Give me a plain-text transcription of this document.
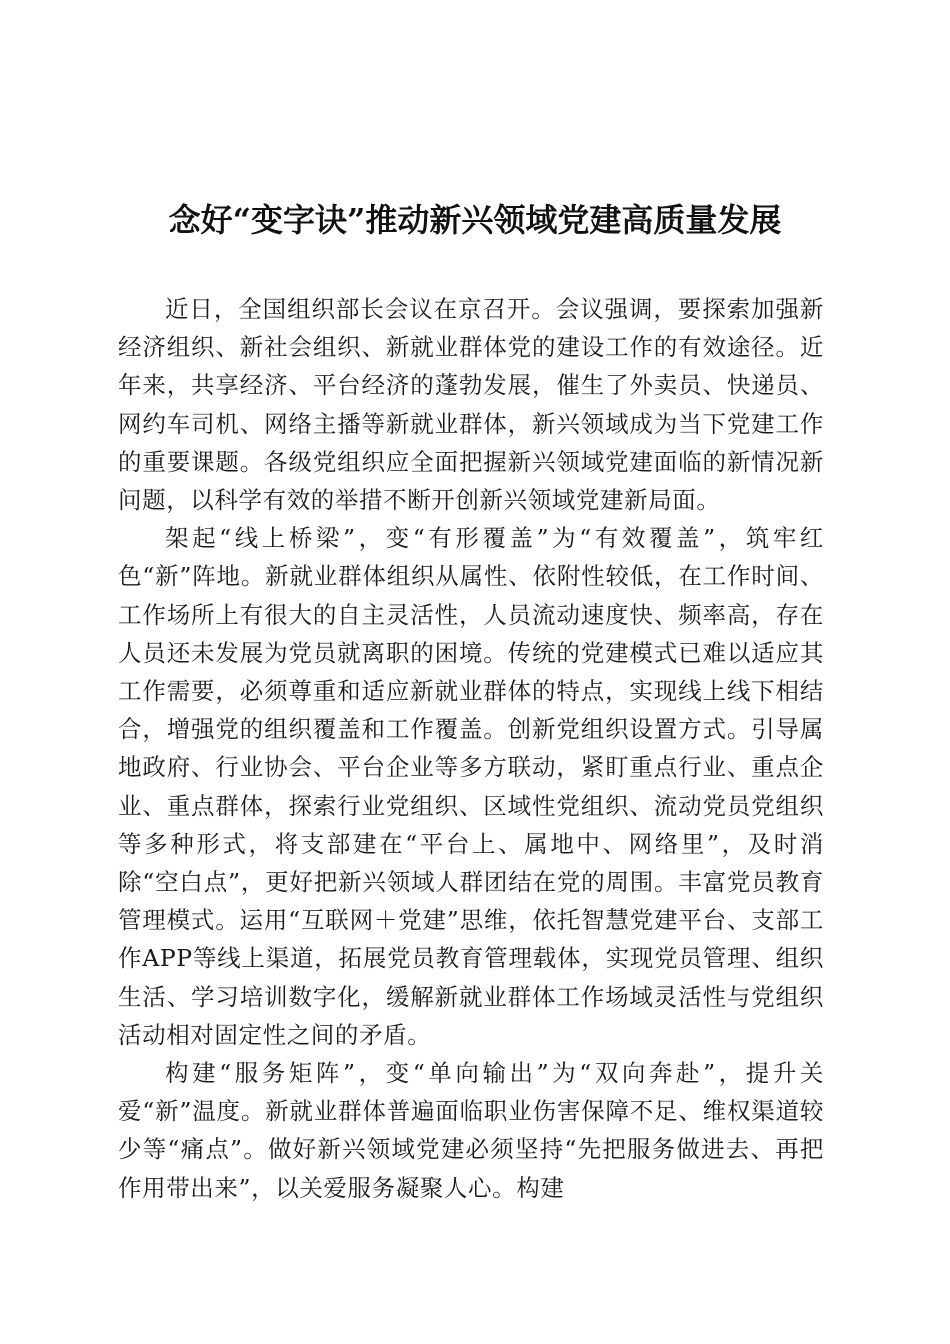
念好“变字诀”推动新兴领域党建高质量发展

近日，全国组织部长会议在京召开。会议强调，要探索加强新经济组织、新社会组织、新就业群体党的建设工作的有效途径。近年来，共享经济、平台经济的蓬勃发展，催生了外卖员、快递员、网约车司机、网络主播等新就业群体，新兴领域成为当下党建工作的重要课题。各级党组织应全面把握新兴领域党建面临的新情况新问题，以科学有效的举措不断开创新兴领域党建新局面。

架起“线上桥梁”，变“有形覆盖”为“有效覆盖”，筑牢红色“新”阵地。新就业群体组织从属性、依附性较低，在工作时间、工作场所上有很大的自主灵活性，人员流动速度快、频率高，存在人员还未发展为党员就离职的困境。传统的党建模式已难以适应其工作需要，必须尊重和适应新就业群体的特点，实现线上线下相结合，增强党的组织覆盖和工作覆盖。创新党组织设置方式。引导属地政府、行业协会、平台企业等多方联动，紧盯重点行业、重点企业、重点群体，探索行业党组织、区域性党组织、流动党员党组织等多种形式，将支部建在“平台上、属地中、网络里”，及时消除“空白点”，更好把新兴领域人群团结在党的周围。丰富党员教育管理模式。运用“互联网＋党建”思维，依托智慧党建平台、支部工作APP等线上渠道，拓展党员教育管理载体，实现党员管理、组织生活、学习培训数字化，缓解新就业群体工作场域灵活性与党组织活动相对固定性之间的矛盾。

构建“服务矩阵”，变“单向输出”为“双向奔赴”，提升关爱“新”温度。新就业群体普遍面临职业伤害保障不足、维权渠道较少等“痛点”。做好新兴领域党建必须坚持“先把服务做进去、再把作用带出来”，以关爱服务凝聚人心。构建
